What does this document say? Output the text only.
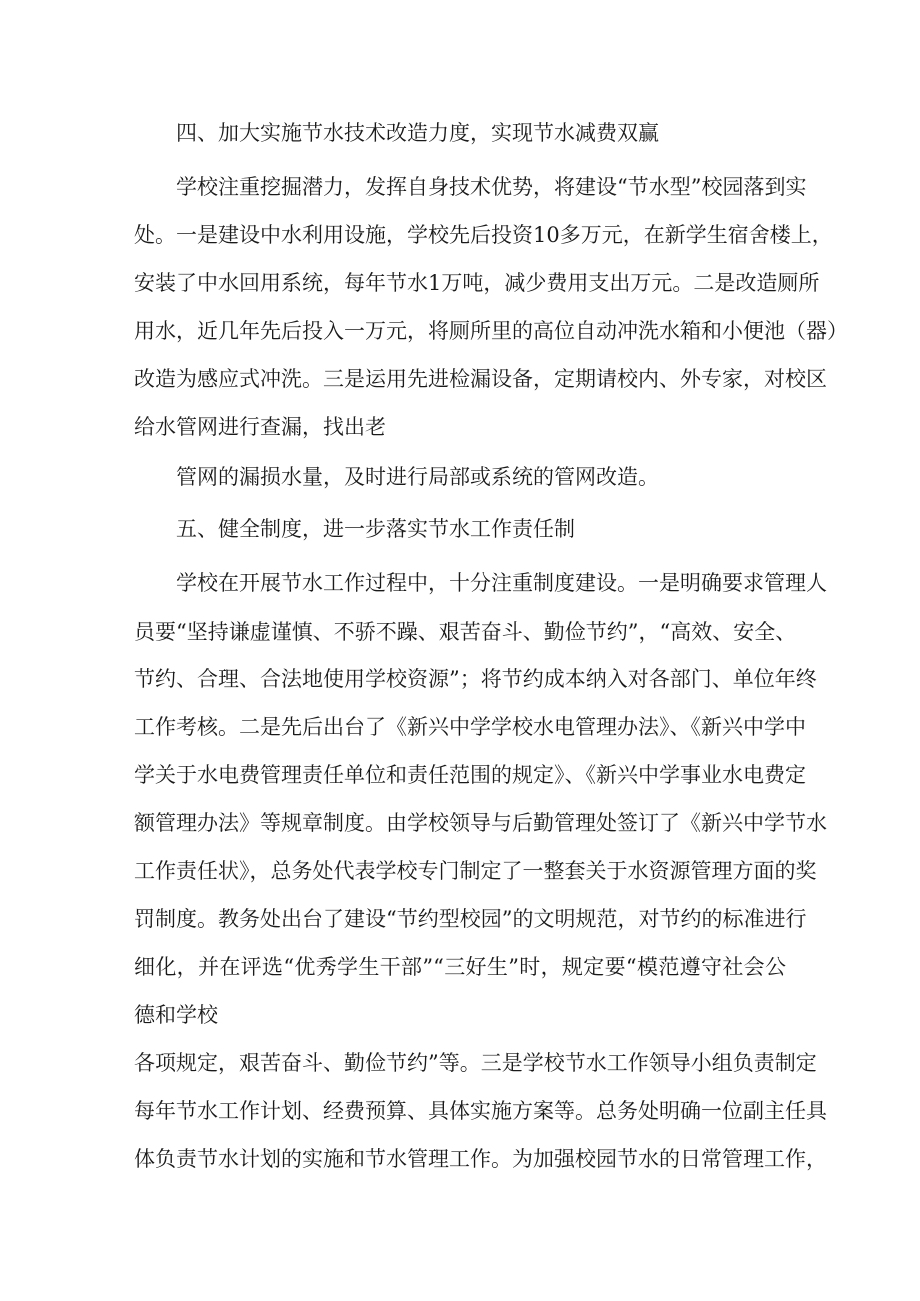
四、加大实施节水技术改造力度，实现节水减费双赢
学校注重挖掘潜力，发挥自身技术优势，将建设“节水型”校园落到实
处。一是建设中水利用设施，学校先后投资10多万元，在新学生宿舍楼上，
安装了中水回用系统，每年节水1万吨，减少费用支出万元。二是改造厕所
用水，近几年先后投入一万元，将厕所里的高位自动冲洗水箱和小便池（器）
改造为感应式冲洗。三是运用先进检漏设备，定期请校内、外专家，对校区
给水管网进行查漏，找出老
管网的漏损水量，及时进行局部或系统的管网改造。
五、健全制度，进一步落实节水工作责任制
学校在开展节水工作过程中，十分注重制度建设。一是明确要求管理人
员要“坚持谦虚谨慎、不骄不躁、艰苦奋斗、勤俭节约”，“高效、安全、
节约、合理、合法地使用学校资源”；将节约成本纳入对各部门、单位年终
工作考核。二是先后出台了《新兴中学学校水电管理办法》、《新兴中学中
学关于水电费管理责任单位和责任范围的规定》、《新兴中学事业水电费定
额管理办法》等规章制度。由学校领导与后勤管理处签订了《新兴中学节水
工作责任状》，总务处代表学校专门制定了一整套关于水资源管理方面的奖
罚制度。教务处出台了建设“节约型校园”的文明规范，对节约的标准进行
细化，并在评选“优秀学生干部”“三好生”时，规定要“模范遵守社会公
德和学校
各项规定，艰苦奋斗、勤俭节约”等。三是学校节水工作领导小组负责制定
每年节水工作计划、经费预算、具体实施方案等。总务处明确一位副主任具
体负责节水计划的实施和节水管理工作。为加强校园节水的日常管理工作，
